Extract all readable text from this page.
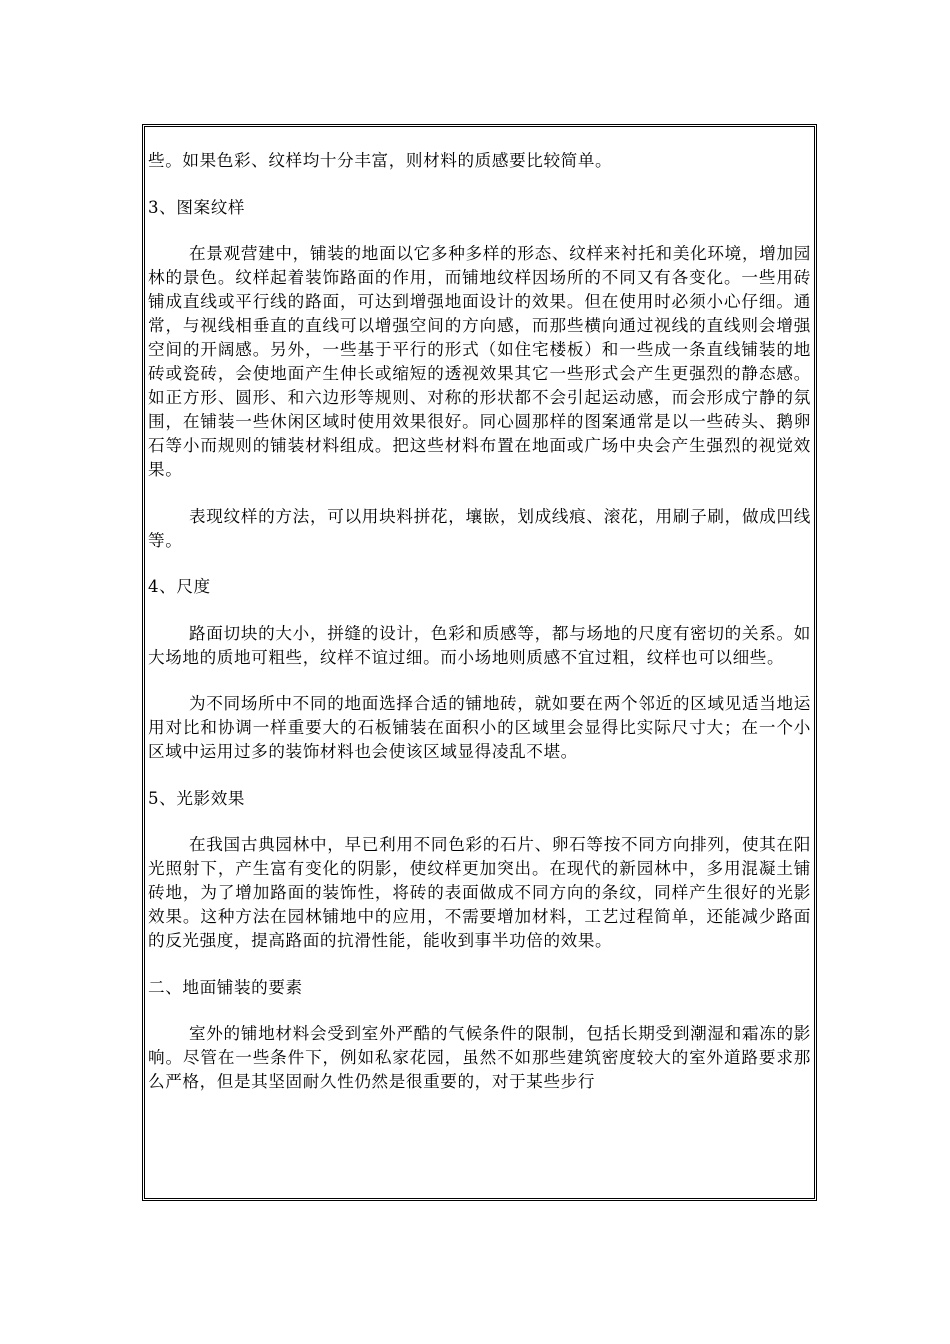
些。如果色彩、纹样均十分丰富，则材料的质感要比较简单。

3、图案纹样

在景观营建中，铺装的地面以它多种多样的形态、纹样来衬托和美化环境，增加园林的景色。纹样起着装饰路面的作用，而铺地纹样因场所的不同又有各变化。一些用砖铺成直线或平行线的路面，可达到增强地面设计的效果。但在使用时必须小心仔细。通常，与视线相垂直的直线可以增强空间的方向感，而那些横向通过视线的直线则会增强空间的开阔感。另外，一些基于平行的形式（如住宅楼板）和一些成一条直线铺装的地砖或瓷砖，会使地面产生伸长或缩短的透视效果其它一些形式会产生更强烈的静态感。如正方形、圆形、和六边形等规则、对称的形状都不会引起运动感，而会形成宁静的氛围，在铺装一些休闲区域时使用效果很好。同心圆那样的图案通常是以一些砖头、鹅卵石等小而规则的铺装材料组成。把这些材料布置在地面或广场中央会产生强烈的视觉效果。

表现纹样的方法，可以用块料拼花，壤嵌，划成线痕、滚花，用刷子刷，做成凹线等。

4、尺度

路面切块的大小，拼缝的设计，色彩和质感等，都与场地的尺度有密切的关系。如大场地的质地可粗些，纹样不谊过细。而小场地则质感不宜过粗，纹样也可以细些。

为不同场所中不同的地面选择合适的铺地砖，就如要在两个邻近的区域见适当地运用对比和协调一样重要大的石板铺装在面积小的区域里会显得比实际尺寸大；在一个小区域中运用过多的装饰材料也会使该区域显得凌乱不堪。

5、光影效果

在我国古典园林中，早已利用不同色彩的石片、卵石等按不同方向排列，使其在阳光照射下，产生富有变化的阴影，使纹样更加突出。在现代的新园林中，多用混凝土铺砖地，为了增加路面的装饰性，将砖的表面做成不同方向的条纹，同样产生很好的光影效果。这种方法在园林铺地中的应用，不需要增加材料，工艺过程简单，还能减少路面的反光强度，提高路面的抗滑性能，能收到事半功倍的效果。

二、地面铺装的要素

室外的铺地材料会受到室外严酷的气候条件的限制，包括长期受到潮湿和霜冻的影响。尽管在一些条件下，例如私家花园，虽然不如那些建筑密度较大的室外道路要求那么严格，但是其坚固耐久性仍然是很重要的，对于某些步行
